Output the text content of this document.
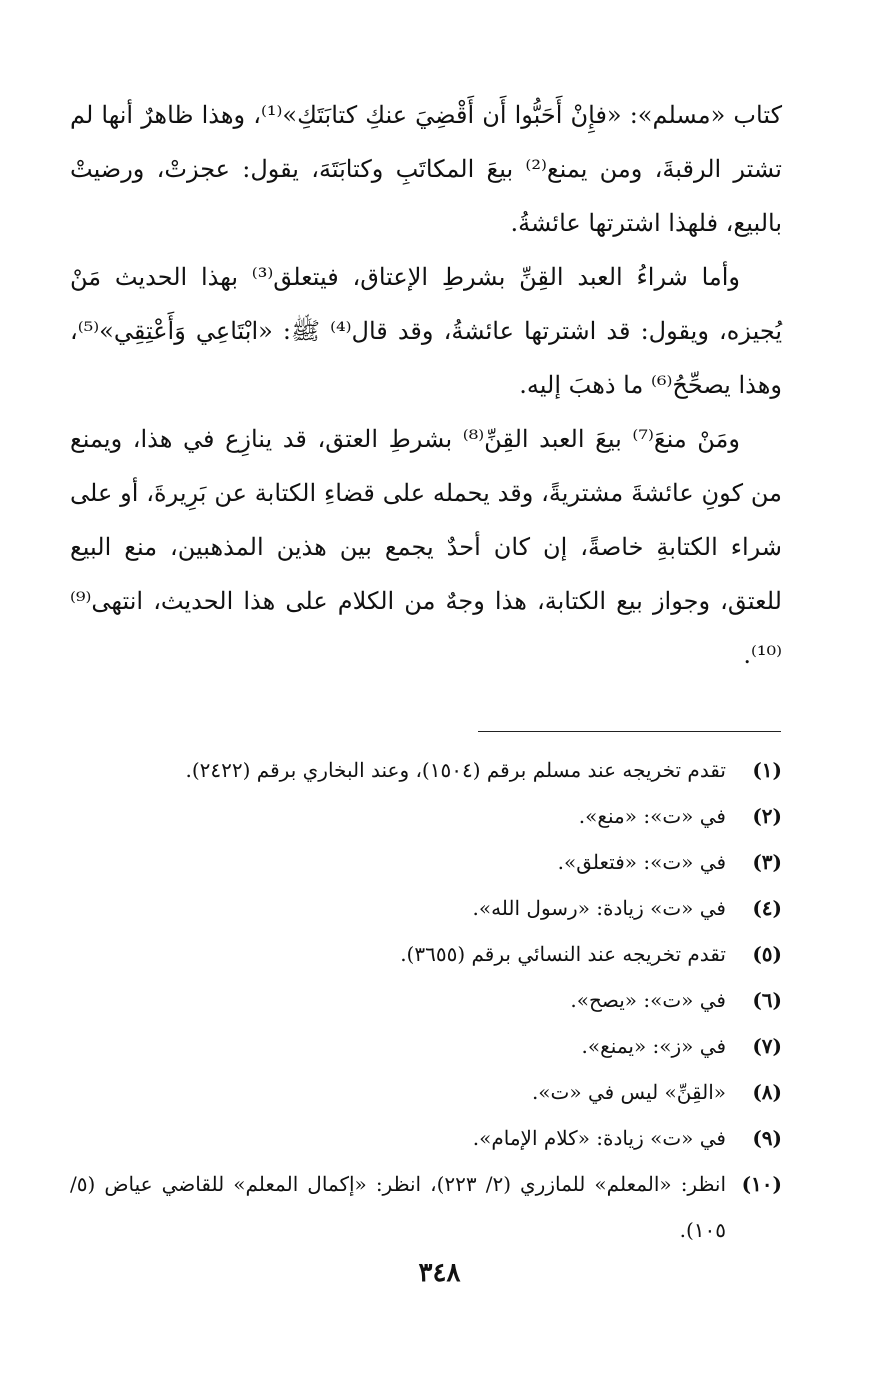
كتاب «مسلم»: «فإِنْ أَحَبُّوا أَن أَقْضِيَ عنكِ كتابَتَكِ»⁽¹⁾، وهذا ظاهرٌ أنها لم تشتر الرقبةَ، ومن يمنع⁽²⁾ بيعَ المكاتَبِ وكتابَتَهَ، يقول: عجزتْ، ورضيتْ بالبيع، فلهذا اشترتها عائشةُ.

وأما شراءُ العبد القِنِّ بشرطِ الإعتاق، فيتعلق⁽³⁾ بهذا الحديث مَنْ يُجيزه، ويقول: قد اشترتها عائشةُ، وقد قال⁽⁴⁾ ﷺ: «ابْتَاعِي وَأَعْتِقِي»⁽⁵⁾، وهذا يصحِّحُ⁽⁶⁾ ما ذهبَ إليه.

ومَنْ منعَ⁽⁷⁾ بيعَ العبد القِنِّ⁽⁸⁾ بشرطِ العتق، قد ينازِع في هذا، ويمنع من كونِ عائشةَ مشتريةً، وقد يحمله على قضاءِ الكتابة عن بَرِيرةَ، أو على شراء الكتابةِ خاصةً، إن كان أحدٌ يجمع بين هذين المذهبين، منع البيع للعتق، وجواز بيع الكتابة، هذا وجهٌ من الكلام على هذا الحديث، انتهى⁽⁹⁾⁽¹⁰⁾.

(١)
تقدم تخريجه عند مسلم برقم (١٥٠٤)، وعند البخاري برقم (٢٤٢٢).
(٢)
في «ت»: «منع».
(٣)
في «ت»: «فتعلق».
(٤)
في «ت» زيادة: «رسول الله».
(٥)
تقدم تخريجه عند النسائي برقم (٣٦٥٥).
(٦)
في «ت»: «يصح».
(٧)
في «ز»: «يمنع».
(٨)
«القِنِّ» ليس في «ت».
(٩)
في «ت» زيادة: «كلام الإمام».
(١٠)
انظر: «المعلم» للمازري (٢/ ٢٢٣)، انظر: «إكمال المعلم» للقاضي عياض (٥/ ١٠٥).
٣٤٨
